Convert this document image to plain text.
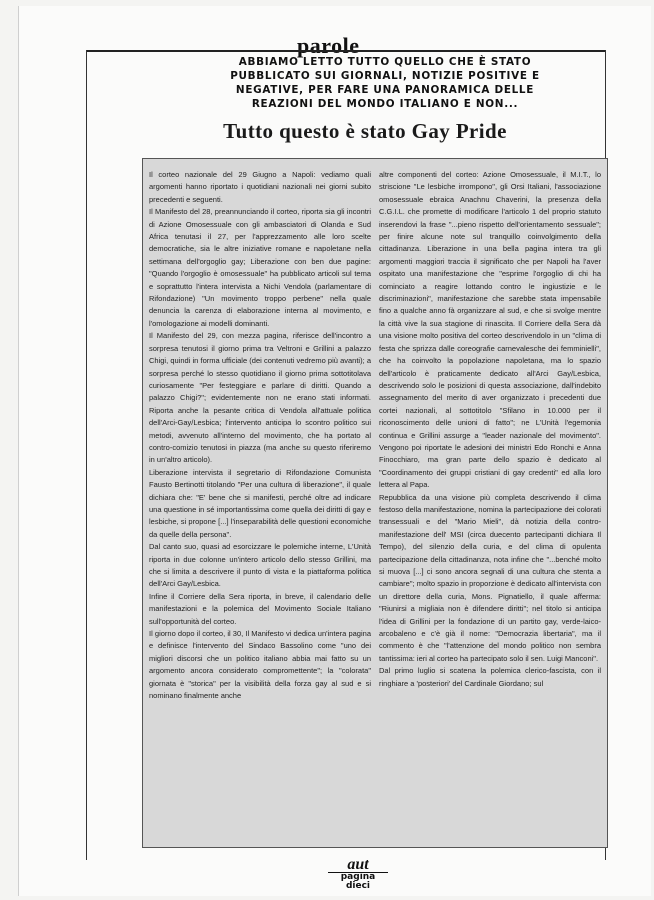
parole
ABBIAMO LETTO TUTTO QUELLO CHE È STATO PUBBLICATO SUI GIORNALI, NOTIZIE POSITIVE E NEGATIVE, PER FARE UNA PANORAMICA DELLE REAZIONI DEL MONDO ITALIANO E NON...
Tutto questo è stato Gay Pride

Il corteo nazionale del 29 Giugno a Napoli: vediamo quali argomenti hanno riportato i quotidiani nazionali nei giorni subito precedenti e seguenti.

Il Manifesto del 28, preannunciando il corteo, riporta sia gli incontri di Azione Omosessuale con gli ambasciatori di Olanda e Sud Africa tenutasi il 27, per l'apprezzamento alle loro scelte democratiche, sia le altre iniziative romane e napoletane nella settimana dell'orgoglio gay; Liberazione con ben due pagine: "Quando l'orgoglio è omosessuale" ha pubblicato articoli sul tema e soprattutto l'intera intervista a Nichi Vendola (parlamentare di Rifondazione) "Un movimento troppo perbene" nella quale denuncia la carenza di elaborazione interna al movimento, e l'omologazione ai modelli dominanti.

Il Manifesto del 29, con mezza pagina, riferisce dell'incontro a sorpresa tenutosi il giorno prima tra Veltroni e Grillini a palazzo Chigi, quindi in forma ufficiale (dei contenuti vedremo più avanti); a sorpresa perché lo stesso quotidiano il giorno prima sottotitolava curiosamente "Per festeggiare e parlare di diritti. Quando a palazzo Chigi?"; evidentemente non ne erano stati informati. Riporta anche la pesante critica di Vendola all'attuale politica dell'Arci-Gay/Lesbica; l'intervento anticipa lo scontro politico sui metodi, avvenuto all'interno del movimento, che ha portato al contro-comizio tenutosi in piazza (ma anche su questo riferiremo in un'altro articolo).

Liberazione intervista il segretario di Rifondazione Comunista Fausto Bertinotti titolando "Per una cultura di liberazione", il quale dichiara che: "E' bene che si manifesti, perché oltre ad indicare una questione in sé importantissima come quella dei diritti di gay e lesbiche, si propone [...] l'inseparabilità delle questioni economiche da quelle della persona".

Dal canto suo, quasi ad esorcizzare le polemiche interne, L'Unità riporta in due colonne un'intero articolo dello stesso Grillini, ma che si limita a descrivere il punto di vista e la piattaforma politica dell'Arci Gay/Lesbica.

Infine il Corriere della Sera riporta, in breve, il calendario delle manifestazioni e la polemica del Movimento Sociale Italiano sull'opportunità del corteo.

Il giorno dopo il corteo, il 30, Il Manifesto vi dedica un'intera pagina e definisce l'intervento del Sindaco Bassolino come "uno dei migliori discorsi che un politico italiano abbia mai fatto su un argomento ancora considerato compromettente"; la "colorata" giornata è "storica" per la visibilità della forza gay al sud e si nominano finalmente anche

altre componenti del corteo: Azione Omosessuale, il M.I.T., lo striscione "Le lesbiche irrompono", gli Orsi Italiani, l'associazione omosessuale ebraica Anachnu Chaverini, la presenza della C.G.I.L. che promette di modificare l'articolo 1 del proprio statuto inserendovi la frase "...pieno rispetto dell'orientamento sessuale"; per finire alcune note sul tranquillo coinvolgimento della cittadinanza. Liberazione in una bella pagina intera tra gli argomenti maggiori traccia il significato che per Napoli ha l'aver ospitato una manifestazione che "esprime l'orgoglio di chi ha cominciato a reagire lottando contro le ingiustizie e le discriminazioni", manifestazione che sarebbe stata impensabile fino a qualche anno fà organizzare al sud, e che si svolge mentre la città vive la sua stagione di rinascita. Il Corriere della Sera dà una visione molto positiva del corteo descrivendolo in un "clima di festa che sprizza dalle coreografie carnevalesche dei femminielli", che ha coinvolto la popolazione napoletana, ma lo spazio dell'articolo è praticamente dedicato all'Arci Gay/Lesbica, descrivendo solo le posizioni di questa associazione, dall'indebito assegnamento del merito di aver organizzato i precedenti due cortei nazionali, al sottotitolo "Sfilano in 10.000 per il riconoscimento delle unioni di fatto"; ne L'Unità l'egemonia continua e Grillini assurge a "leader nazionale del movimento". Vengono poi riportate le adesioni dei ministri Edo Ronchi e Anna Finocchiaro, ma gran parte dello spazio è dedicato al "Coordinamento dei gruppi cristiani di gay credenti" ed alla loro lettera al Papa.

Repubblica da una visione più completa descrivendo il clima festoso della manifestazione, nomina la partecipazione dei colorati transessuali e del "Mario Mieli", dà notizia della contro-manifestazione dell' MSI (circa duecento partecipanti dichiara Il Tempo), del silenzio della curia, e del clima di opulenta partecipazione della cittadinanza, nota infine che "...benché molto si muova [...] ci sono ancora segnali di una cultura che stenta a cambiare"; molto spazio in proporzione è dedicato all'intervista con un direttore della curia, Mons. Pignatiello, il quale afferma: "Riunirsi a migliaia non è difendere diritti"; nel titolo si anticipa l'idea di Grillini per la fondazione di un partito gay, verde-laico-arcobaleno e c'è già il nome: "Democrazia libertaria", ma il commento è che "l'attenzione del mondo politico non sembra tantissima: ieri al corteo ha partecipato solo il sen. Luigi Manconi".

Dal primo luglio si scatena la polemica clerico-fascista, con il ringhiare a 'posteriori' del Cardinale Giordano; sul

aut
pagina
dieci
